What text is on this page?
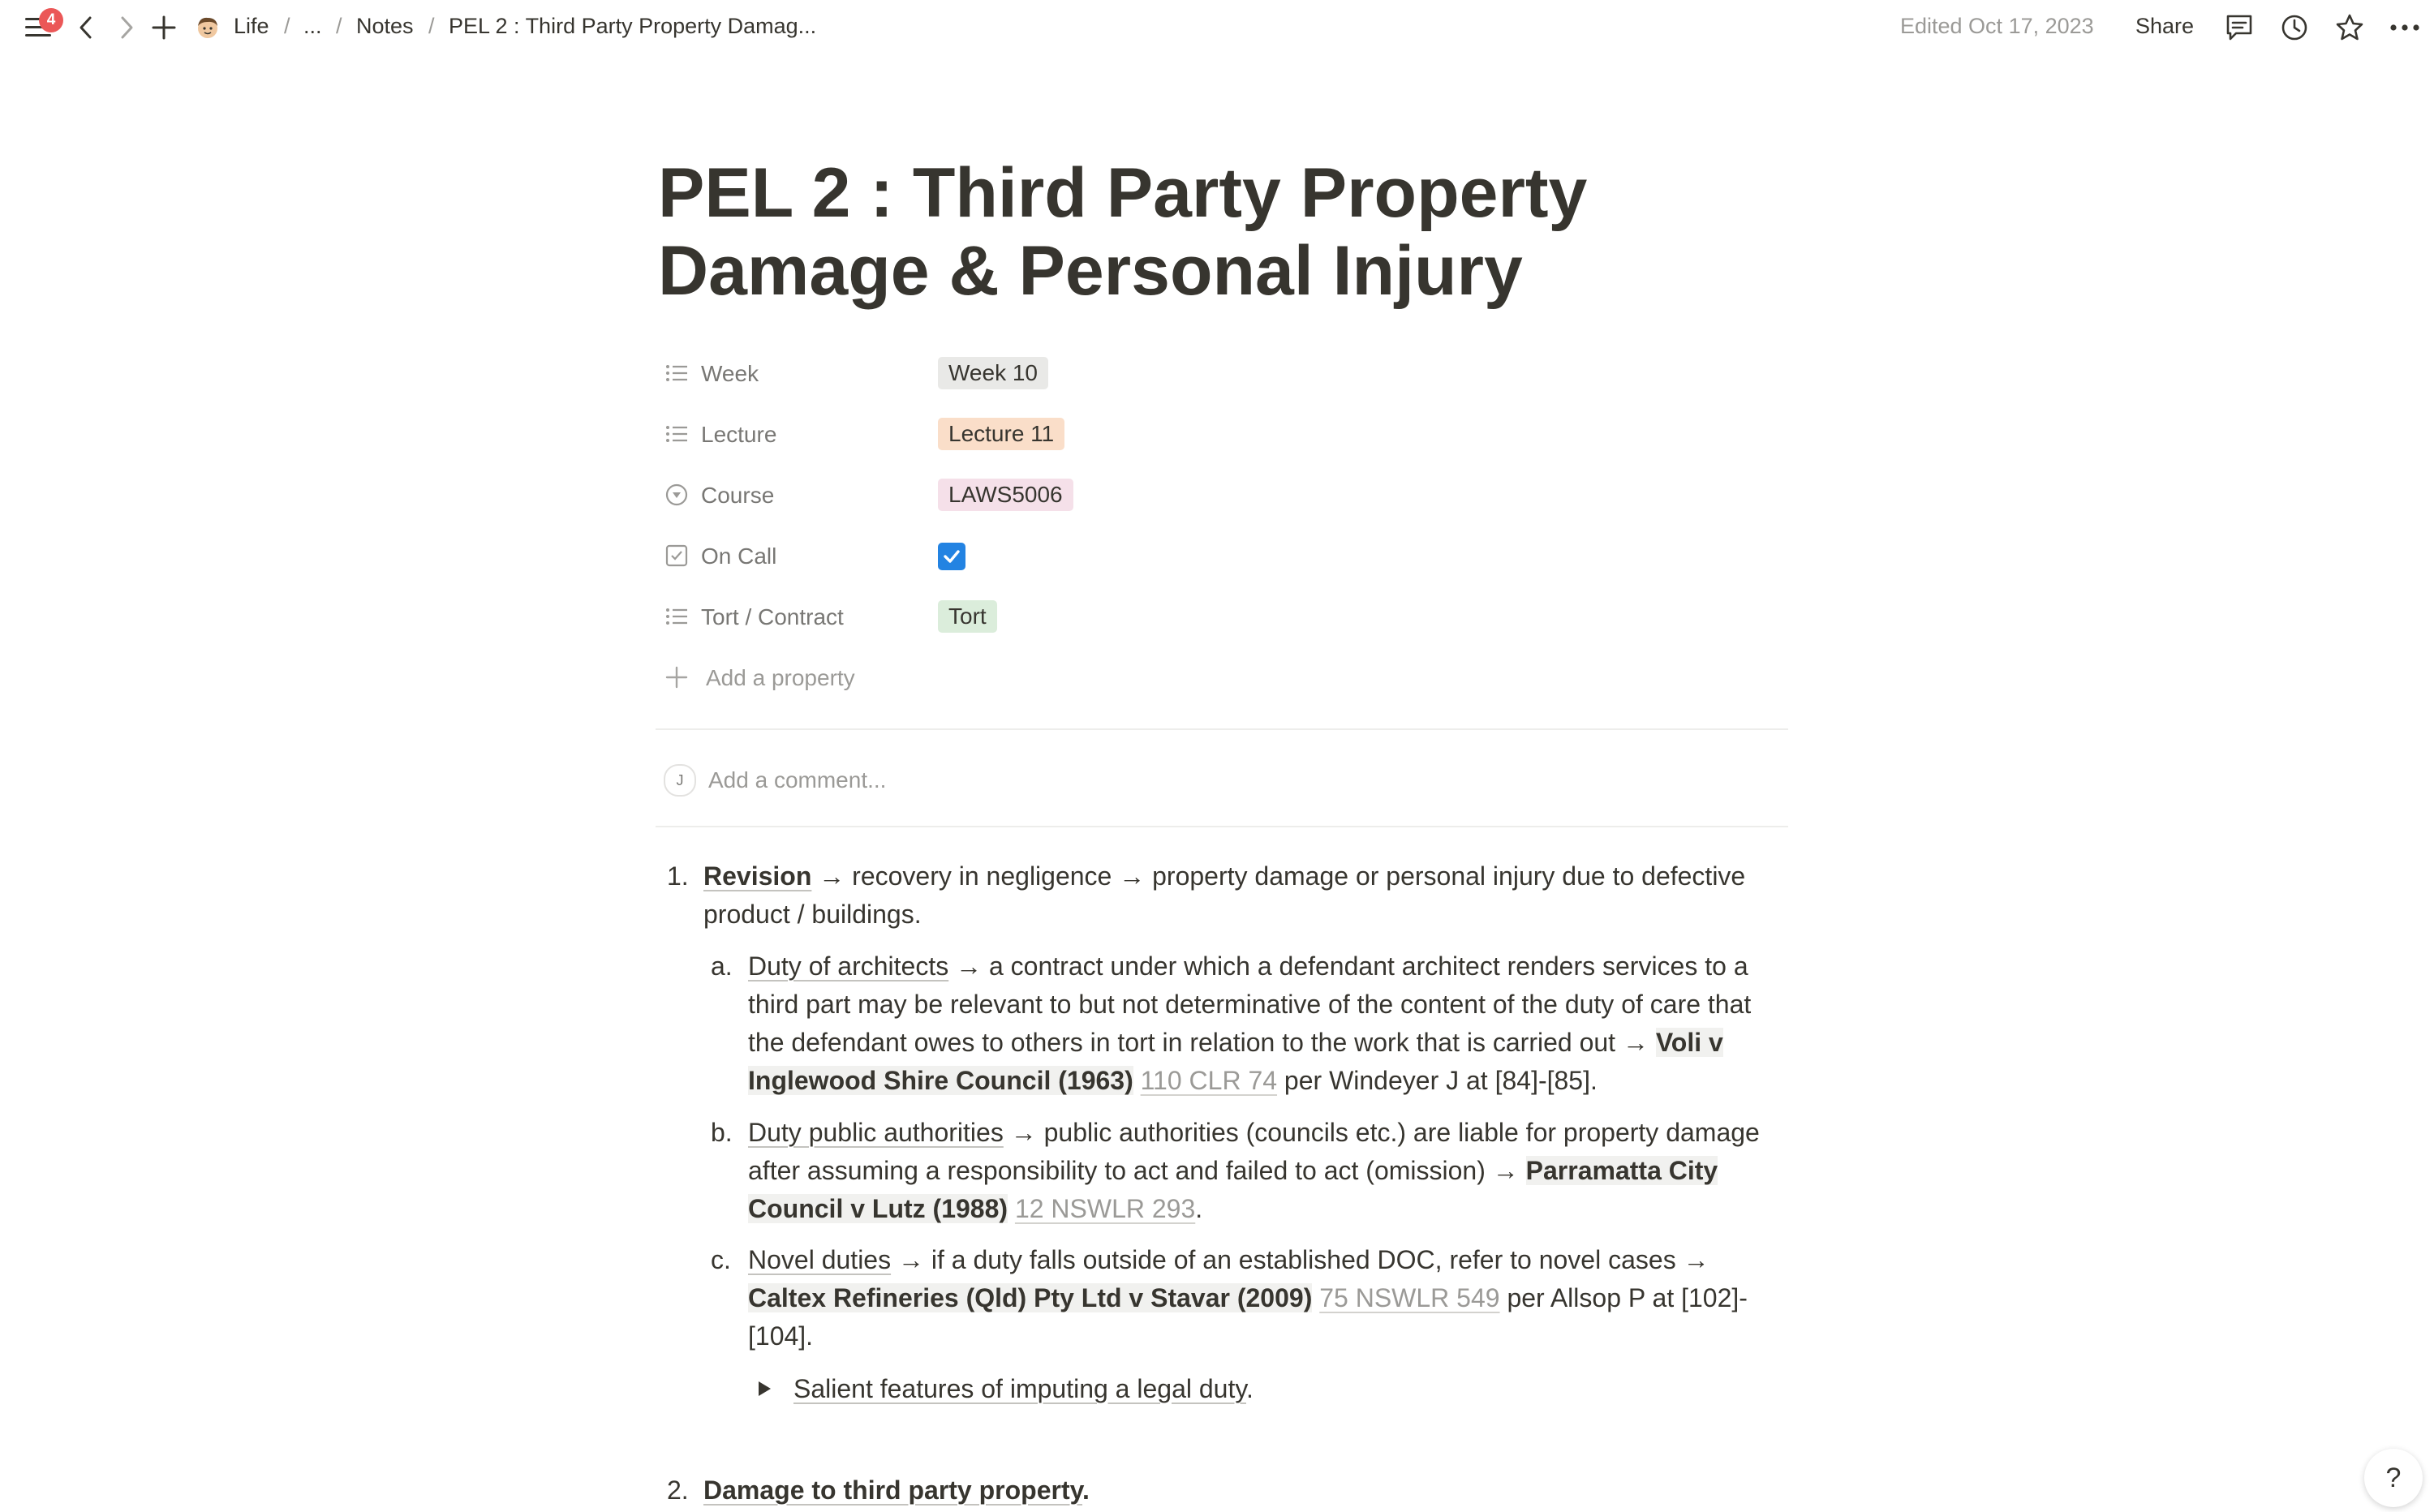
4	Life / ... / Notes / PEL 2 : Third Party Property Damag...	Edited Oct 17, 2023 Share
PEL 2 : Third Party Property Damage & Personal Injury
Week	Week 10
Lecture	Lecture 11
Course	LAWS5006
On Call
Tort / Contract	Tort
Add a property
J	Add a comment...
1. Revision → recovery in negligence → property damage or personal injury due to defective
product / buildings.
a. Duty of architects → a contract under which a defendant architect renders services to a
third part may be relevant to but not determinative of the content of the duty of care that
the defendant owes to others in tort in relation to the work that is carried out → Voli v
Inglewood Shire Council (1963) 110 CLR 74 per Windeyer J at [84]-[85].
b. Duty public authorities → public authorities (councils etc.) are liable for property damage
after assuming a responsibility to act and failed to act (omission) → Parramatta City
Council v Lutz (1988) 12 NSWLR 293.
c. Novel duties → if a duty falls outside of an established DOC, refer to novel cases →
Caltex Refineries (Qld) Pty Ltd v Stavar (2009) 75 NSWLR 549 per Allsop P at [102]-
[104].
Salient features of imputing a legal duty.
2. Damage to third party property.	?
